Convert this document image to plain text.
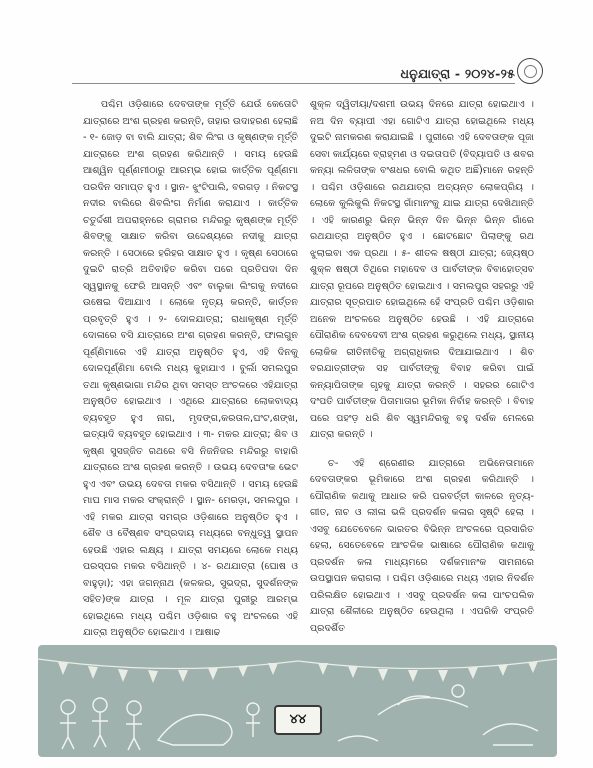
ଧନୁଯାତ୍ରା - ୨୦୨୪-୨୫

ପଶ୍ଚିମ ଓଡ଼ିଶାରେ ଦେବତାଙ୍କ ମୂର୍ତ୍ତି ଯେଉଁ କେତୋଟି ଯାତ୍ରାରେ ଅଂଶ ଗ୍ରହଣ କରନ୍ତି, ତାହାର ଉଦାହରଣ ହେଲାଛି - ୧- ଜୋଡ଼ ବା ବାଲି ଯାତ୍ରା; ଶିବ ଲିଂଗ ଓ କୃଷ୍ଣଙ୍କ ମୂର୍ତ୍ତି ଯାତ୍ରାରେ ଅଂଶ ଗ୍ରହଣ କରିଥାନ୍ତି । ସମୟ ହେଉଛି ଆଶ୍ୱିନ ପୂର୍ଣ୍ଣମୀଠାରୁ ଆରମ୍ଭ ହୋଇ କାର୍ତ୍ତିକ ପୂର୍ଣ୍ଣମା ପରଦିନ ସମାପ୍ତ ହୁଏ । ସ୍ଥାନ- ଝୁଂଟିପାଲି, ବରଗଡ଼ । ନିକଟସ୍ଥ ନଦୀର ବାଲିରେ ଶିବଲିଂଗ ନିର୍ମାଣ କରାଯାଏ । କାର୍ତ୍ତିକ ଚତୁର୍ଦ୍ଦଶୀ ଅପରାହ୍ନରେ ଗ୍ରାମର ମନ୍ଦିରରୁ କୃଷ୍ଣଙ୍କ ମୂର୍ତ୍ତି ଶିବଙ୍କୁ ସାକ୍ଷାତ କରିବା ଉଦ୍ଦେଶ୍ୟରେ ନଦୀକୁ ଯାତ୍ରା କରନ୍ତି । ସେଠାରେ ହରିହର ସାକ୍ଷାତ ହୁଏ । କୃଷ୍ଣ ସେଠାରେ ଦୁଇଟି ରାତ୍ରି ଅତିବାହିତ କରିବା ପରେ ପ୍ରତିପଦା ଦିନ ସ୍ୱସ୍ଥାନକୁ ଫେରି ଆସନ୍ତି ଏବଂ ବାଲୁକା ଲିଂଗକୁ ନଦୀରେ ଉଷେଇ ଦିଆଯାଏ । ଲୋକେ ନୃତ୍ୟ କରନ୍ତି, କାର୍ତ୍ତନ ପ୍ରବୃତ୍ତି ହୁଏ । ୨- ଦୋଳଯାତ୍ରା; ରାଧାକୃଷ୍ଣ ମୂର୍ତ୍ତି ଦୋଳାରେ ବସି ଯାତ୍ରାରେ ଅଂଶ ଗ୍ରହଣ କରନ୍ତି, ଫାଲଗୁନ ପୂର୍ଣ୍ଣିମାରେ ଏହି ଯାତ୍ରା ଅନୁଷ୍ଠିତ ହୁଏ, ଏହି ଦିନକୁ ଦୋଳପୂର୍ଣ୍ଣିମା ବୋଲି ମଧ୍ୟ କୁହାଯାଏ । ବୁର୍ଲା ସମଲପୁର ତଥା କୃଷ୍ଣଭାଗା ମନ୍ଦିର ଥିବା ସମସ୍ତ ଅଂଚଳରେ ଏହିଯାତ୍ରା ଅନୁଷ୍ଠିତ ହୋଇଥାଏ । ଏଥିରେ ଯାତ୍ରାରେ ଲୋକବାଦ୍ୟ ବ୍ୟବହୃତ ହୁଏ ନାଗ, ମୃଦଙ୍ଗ,କରତାଳ,ଘଂଟ,ଶଙ୍ଖ, ଇତ୍ୟାଦି ବ୍ୟବହୃତ ହୋଇଥାଏ । ୩- ମକର ଯାତ୍ରା; ଶିବ ଓ କୃଷ୍ଣ ସୁସଜ୍ଜିତ ରଥରେ ବସି ନିଜନିଜର ମନ୍ଦିରରୁ ବାହାରି ଯାତ୍ରାରେ ଅଂଶ ଗ୍ରହଣ କରନ୍ତି । ଉଭୟ ଦେବତାଂକ ଭେଟ ହୁଏ ଏବଂ ଉଭୟ ଦେବତା ମକର ବସିଥାନ୍ତି । ସମୟ ହେଉଛି ମାଘ ମାସ ମକର ସଂକ୍ରାନ୍ତି । ସ୍ଥାନ- ମେରଡ଼ା, ସମଲପୁର । ଏହି ମକର ଯାତ୍ରା ସମଗ୍ର ଓଡ଼ିଶାରେ ଅନୁଷ୍ଠିତ ହୁଏ । ଶୈବ ଓ ବୈଷ୍ଣବ ସଂପ୍ରଦାୟ ମଧ୍ୟରେ ବନ୍ଧୁତ୍ୱ ସ୍ଥାପନ ହେଉଛି ଏହାର ଲକ୍ଷ୍ୟ । ଯାତ୍ରା ସମୟରେ ଲୋକେ ମଧ୍ୟ ପରସ୍ପର ମକର ବସିଥାନ୍ତି । ୪- ରଥଯାତ୍ରା (ଘୋଷ ଓ ବାହୁଡ଼ା); ଏହା ଜଗନ୍ନାଥ (କଳକର, ସୁଭଦ୍ରା, ସୁଦର୍ଶନଙ୍କ ସହିତ)ଙ୍କ ଯାତ୍ରା । ମୂଳ ଯାତ୍ରା ପୁରୀରୁ ଆରମ୍ଭ ହୋଇଥିଲେ ମଧ୍ୟ ପଶ୍ଚିମ ଓଡ଼ିଶାର ବହୁ ଅଂଚଳରେ ଏହି ଯାତ୍ରା ଅନୁଷ୍ଠିତ ହୋଇଥାଏ । ଆଷାଢ

ଶୁକ୍ଳ ଦ୍ୱିତୀୟା/ଦଶମୀ ଉଭୟ ଦିନରେ ଯାତ୍ରା ହୋଇଥାଏ । ନଅ ଦିନ ବ୍ୟାପୀ ଏହା ଗୋଟିଏ ଯାତ୍ରା ହୋଇଥିଲେ ମଧ୍ୟ ଦୁଇଟି ନାମକରଣ କରାଯାଇଛି । ପୁରୀରେ ଏହି ଦେବତାଙ୍କ ପୂଜା ସେବା କାର୍ଯ୍ୟରେ ବ୍ରାହ୍ମଣ ଓ ଦଇତାପତି (ବିଦ୍ୟାପତି ଓ ଶବର କନ୍ୟା ଲଳିତାଙ୍କ ବଂଶଧର ବୋଲି କଥିତ ଅଛିଁ)ମାନେ ରହନ୍ତି । ପଶ୍ଚିମ ଓଡ଼ିଶାରେ ରଥଯାତ୍ରା ଅତ୍ୟନ୍ତ ଲୋକପ୍ରିୟ । ଲୋକେ କୁଲିକୁଲି ନିକଟସ୍ଥ ଗାଁମାନଂକୁ ଯାଇ ଯାତ୍ରା ଦେଖିଥାନ୍ତି । ଏହି କାରଣରୁ ଭିନ୍ନ ଭିନ୍ନ ଦିନ ଭିନ୍ନ ଭିନ୍ନ ଗାଁରେ ରଥଯାତ୍ରା ଅନୁଷ୍ଠିତ ହୁଏ । ଛୋଟଛୋଟ ପିଲାଙ୍କୁ ରଥ ଝୁଲାଇବା ଏକ ପ୍ରଥା । ୫- ଶୀତଳ ଷଷ୍ଠୀ ଯାତ୍ରା; ଜ୍ୟେଷ୍ଠ ଶୁକ୍ଳ ଷଷ୍ଠୀ ତିଥିରେ ମହାଦେବ ଓ ପାର୍ବତୀଙ୍କ ବିବାହୋତ୍ସବ ଯାତ୍ରା ରୂପରେ ଅନୁଷ୍ଠିତ ହୋଇଥାଏ । ସମଲପୁର ସହରରୁ ଏହି ଯାତ୍ରାର ସୂତ୍ରପାତ ହୋଇଥିଲେ ହେଁ ସଂପ୍ରତି ପଶ୍ଚିମ ଓଡ଼ିଶାର ଅନେକ ଅଂଚଳରେ ଅନୁଷ୍ଠିତ ହେଉଛି । ଏହି ଯାତ୍ରାରେ ପୌରାଣିକ ଦେବଦେବୀ ଅଂଶ ଗ୍ରହଣ କରୁଥିଲେ ମଧ୍ୟ, ସ୍ଥାନୀୟ ଲୋକିକ ରୀତିନୀତିକୁ ଅଗ୍ରାଧିକାର ଦିଆଯାଇଥାଏ । ଶିବ ବରଯାତ୍ରୀଙ୍କ ସହ ପାର୍ବତୀଙ୍କୁ ବିବାହ କରିବା ପାଇଁ କନ୍ୟାପିତାଙ୍କ ଗୃହକୁ ଯାତ୍ରା କରନ୍ତି । ସହରର ଗୋଟିଏ ଦଂପତି ପାର୍ବତୀଙ୍କ ପିତାମାତାର ଭୂମିକା ନିର୍ବାହ କରନ୍ତି । ବିବାହ ପରେ ପହଂଡ଼ ଧରି ଶିବ ସ୍ୱମନ୍ଦିରକୁ ବହୁ ଦର୍ଶକ ମେଳରେ ଯାତ୍ରା କରନ୍ତି ।

ଚ- ଏହି ଶ୍ରେଣୀର ଯାତ୍ରାରେ ଅଭିନେତାମାନେ ଦେବତାଙ୍କର ଭୂମିକାରେ ଅଂଶ ଗ୍ରହଣ କରିଥାନ୍ତି । ପୌରାଣିକ କଥାକୁ ଆଧାର କରି ପରବର୍ତ୍ତୀ କାଳରେ ନୃତ୍ୟ-ଗୀତ, ନାଚ ଓ ଲୀଳା ଭଳି ପ୍ରଦର୍ଶନ କଳାର ସୃଷ୍ଟି ହେଲା । ଏସବୁ ଯେତେବେଳେ ଭାରତର ବିଭିନ୍ନ ଅଂଚଳରେ ପ୍ରସାରିତ ହେଲା, ସେତେବେଳେ ଆଂଚଳିକ ଭାଷାରେ ପୌରାଣିକ କଥାକୁ ପ୍ରଦର୍ଶନ କଳା ମାଧ୍ୟମରେ ଦର୍ଶକମାନଂକ ସାମନାରେ ଉପସ୍ଥାପନ କରାଗଲା । ପଶ୍ଚିମ ଓଡ଼ିଶାରେ ମଧ୍ୟ ଏହାର ନିଦର୍ଶନ ପରିଲକ୍ଷିତ ହୋଇଥାଏ । ଏସବୁ ପ୍ରଦର୍ଶନ କଳା ପାଂଚପଲିକ ଯାତ୍ରା ଶୈଳୀରେ ଅନୁଷ୍ଠିତ ହେଉଥିଲା । ଏପରିକି ସଂପ୍ରତି ପ୍ରଦର୍ଶିତ

୪୪
